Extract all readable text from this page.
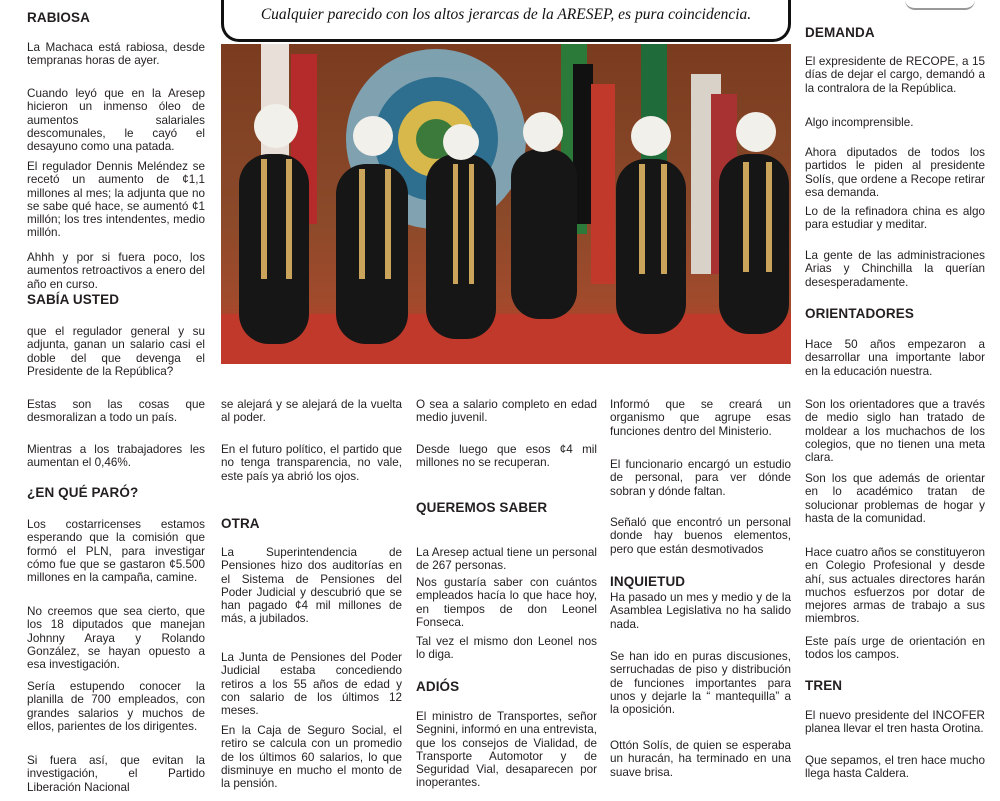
Cualquier parecido con los altos jerarcas de la ARESEP, es pura coincidencia.
RABIOSA

La Machaca está rabiosa, desde tempranas horas de ayer.

Cuando leyó que en la Aresep hicieron un inmenso óleo de aumentos salariales descomunales, le cayó el desayuno como una patada.

El regulador Dennis Meléndez se recetó un aumento de ¢1,1 millones al mes; la adjunta que no se sabe qué hace, se aumentó ¢1 millón; los tres intendentes, medio millón.

Ahhh y por si fuera poco, los aumentos retroactivos a enero del año en curso.

SABÍA USTED

que el regulador general y su adjunta, ganan un salario casi el doble del que devenga el Presidente de la República?

Estas son las cosas que desmoralizan a todo un país.

Mientras a los trabajadores les aumentan el 0,46%.

¿EN QUÉ PARÓ?

Los costarricenses estamos esperando que la comisión que formó el PLN, para investigar cómo fue que se gastaron ¢5.500 millones en la campaña, camine.

No creemos que sea cierto, que los 18 diputados que manejan Johnny Araya y Rolando González, se hayan opuesto a esa investigación.

Sería estupendo conocer la planilla de 700 empleados, con grandes salarios y muchos de ellos, parientes de los dirigentes.

Si fuera así, que evitan la investigación, el Partido Liberación Nacional

se alejará y se alejará de la vuelta al poder.

En el futuro político, el partido que no tenga transparencia, no vale, este país ya abrió los ojos.

OTRA

La Superintendencia de Pensiones hizo dos auditorías en el Sistema de Pensiones del Poder Judicial y descubrió que se han pagado ¢4 mil millones de más, a jubilados.

La Junta de Pensiones del Poder Judicial estaba concediendo retiros a los 55 años de edad y con salario de los últimos 12 meses.

En la Caja de Seguro Social, el retiro se calcula con un promedio de los últimos 60 salarios, lo que disminuye en mucho el monto de la pensión.

O sea a salario completo en edad medio juvenil.

Desde luego que esos ¢4 mil millones no se recuperan.

QUEREMOS SABER

La Aresep actual tiene un personal de 267 personas.

Nos gustaría saber con cuántos empleados hacía lo que hace hoy, en tiempos de don Leonel Fonseca.

Tal vez el mismo don Leonel nos lo diga.

ADIÓS

El ministro de Transportes, señor Segnini, informó en una entrevista, que los consejos de Vialidad, de Transporte Automotor y de Seguridad Vial, desaparecen por inoperantes.

Informó que se creará un organismo que agrupe esas funciones dentro del Ministerio.

El funcionario encargó un estudio de personal, para ver dónde sobran y dónde faltan.

Señaló que encontró un personal donde hay buenos elementos, pero que están desmotivados

INQUIETUD

Ha pasado un mes y medio y de la Asamblea Legislativa no ha salido nada.

Se han ido en puras discusiones, serruchadas de piso y distribución de funciones importantes para unos y dejarle la “ mantequilla” a la oposición.

Ottón Solís, de quien se esperaba un huracán, ha terminado en una suave brisa.

DEMANDA

El expresidente de RECOPE, a 15 días de dejar el cargo, demandó a la contralora de la República.

Algo incomprensible.

Ahora diputados de todos los partidos le piden al presidente Solís, que ordene a Recope retirar esa demanda.

Lo de la refinadora china es algo para estudiar y meditar.

La gente de las administraciones Arias y Chinchilla la querían desesperadamente.

ORIENTADORES

Hace 50 años empezaron a desarrollar una importante labor en la educación nuestra.

Son los orientadores que a través de medio siglo han tratado de moldear a los muchachos de los colegios, que no tienen una meta clara.

Son los que además de orientar en lo académico tratan de solucionar problemas de hogar y hasta de la comunidad.

Hace cuatro años se constituyeron en Colegio Profesional y desde ahí, sus actuales directores harán muchos esfuerzos por dotar de mejores armas de trabajo a sus miembros.

Este país urge de orientación en todos los campos.

TREN

El nuevo presidente del INCOFER planea llevar el tren hasta Orotina.

Que sepamos, el tren hace mucho llega hasta Caldera.
